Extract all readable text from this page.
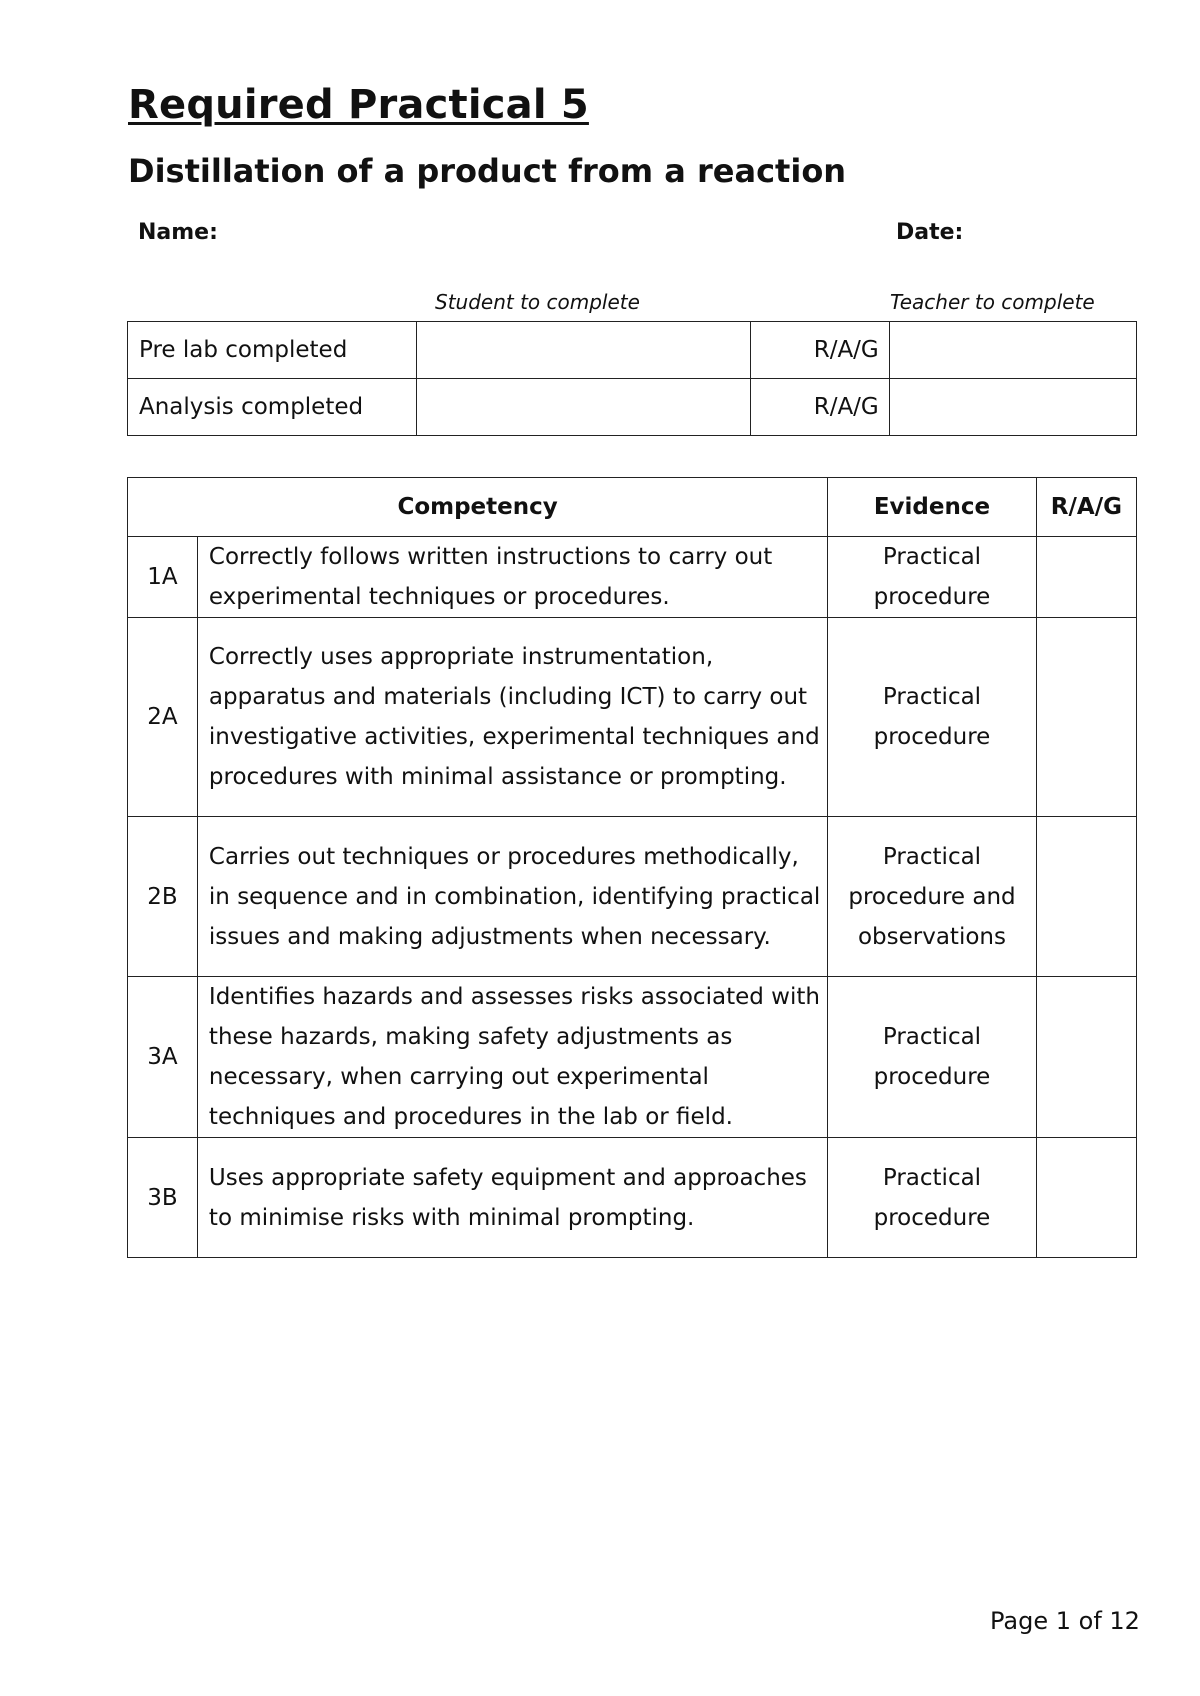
Required Practical 5
Distillation of a product from a reaction
Name:	Date:
Student to complete	Teacher to complete
Pre lab completed		R/A/G	
Analysis completed		R/A/G	
Competency		Evidence	R/A/G
1A	Correctly follows written instructions to carry out experimental techniques or procedures.	Practical procedure	
2A	Correctly uses appropriate instrumentation, apparatus and materials (including ICT) to carry out investigative activities, experimental techniques and procedures with minimal assistance or prompting.	Practical procedure	
2B	Carries out techniques or procedures methodically, in sequence and in combination, identifying practical issues and making adjustments when necessary.	Practical procedure and observations	
3A	Identifies hazards and assesses risks associated with these hazards, making safety adjustments as necessary, when carrying out experimental techniques and procedures in the lab or field.	Practical procedure	
3B	Uses appropriate safety equipment and approaches to minimise risks with minimal prompting.	Practical procedure	
Page 1 of 12
